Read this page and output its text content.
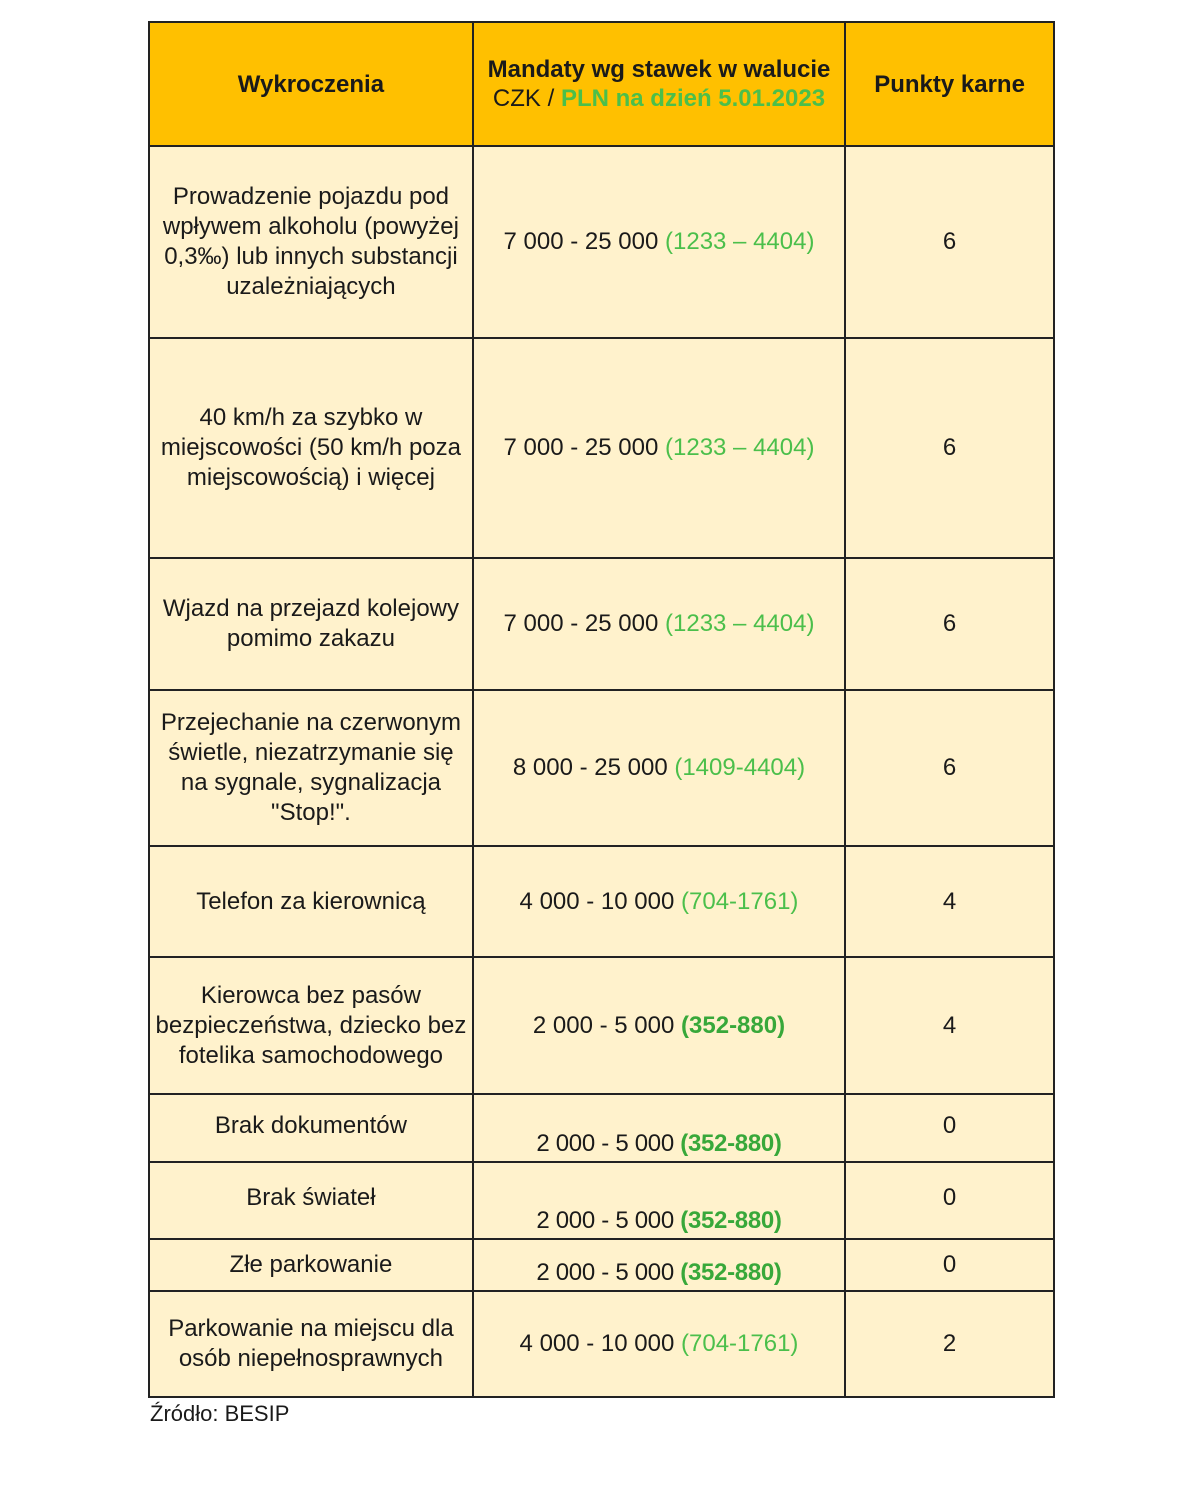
Wykroczenia	Mandaty wg stawek w walucie CZK / PLN na dzień 5.01.2023	Punkty karne
Prowadzenie pojazdu pod wpływem alkoholu (powyżej 0,3‰) lub innych substancji uzależniających	7 000 - 25 000 (1233 – 4404)	6
40 km/h za szybko w miejscowości (50 km/h poza miejscowością) i więcej	7 000 - 25 000 (1233 – 4404)	6
Wjazd na przejazd kolejowy pomimo zakazu	7 000 - 25 000 (1233 – 4404)	6
Przejechanie na czerwonym świetle, niezatrzymanie się na sygnale, sygnalizacja "Stop!".	8 000 - 25 000 (1409-4404)	6
Telefon za kierownicą	4 000 - 10 000 (704-1761)	4
Kierowca bez pasów bezpieczeństwa, dziecko bez fotelika samochodowego	2 000 - 5 000 (352-880)	4
Brak dokumentów	2 000 - 5 000 (352-880)	0
Brak świateł	2 000 - 5 000 (352-880)	0
Złe parkowanie	2 000 - 5 000 (352-880)	0
Parkowanie na miejscu dla osób niepełnosprawnych	4 000 - 10 000 (704-1761)	2
Źródło: BESIP
